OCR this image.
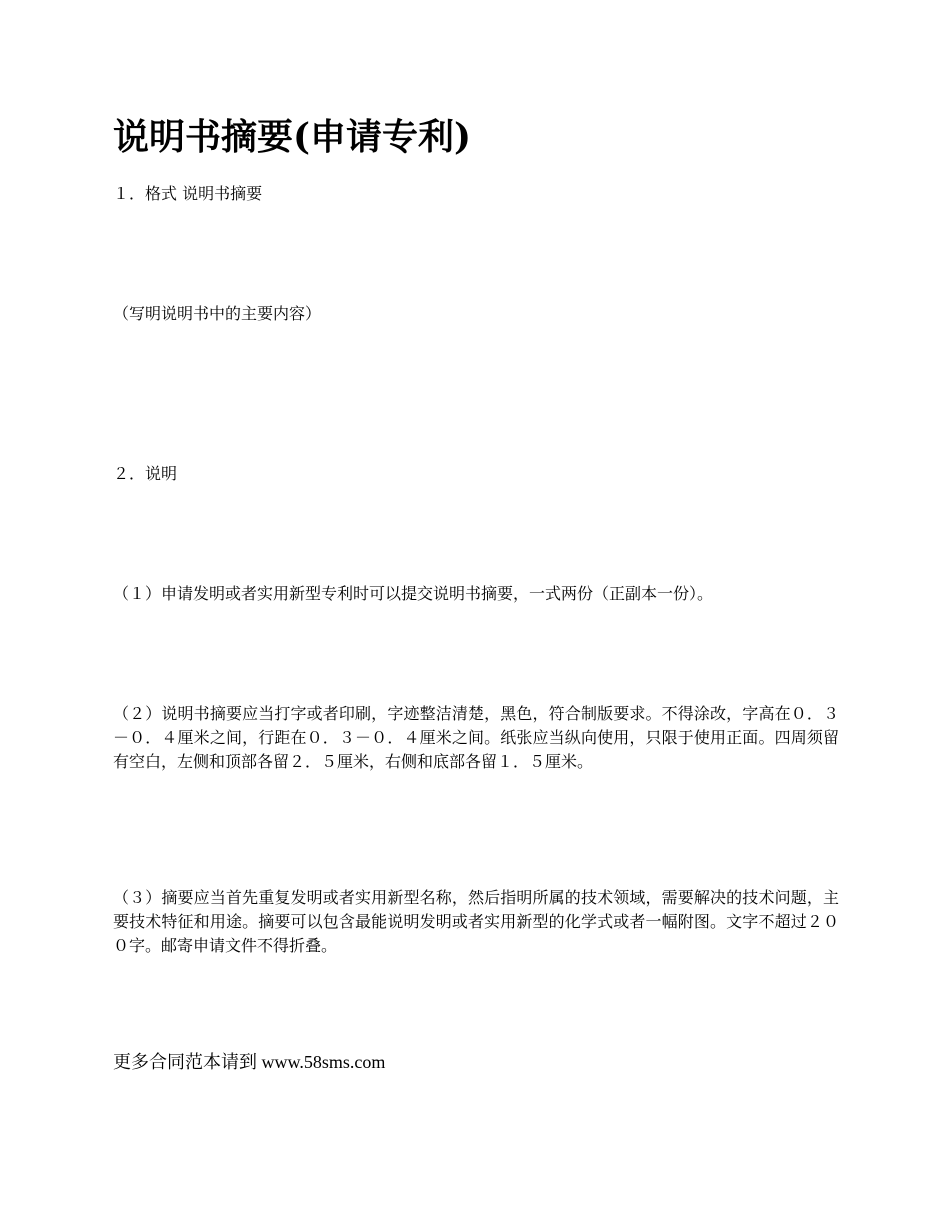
说明书摘要(申请专利)

１．格式 说明书摘要

（写明说明书中的主要内容）

２．说明

（１）申请发明或者实用新型专利时可以提交说明书摘要，一式两份（正副本一份）。

（２）说明书摘要应当打字或者印刷，字迹整洁清楚，黑色，符合制版要求。不得涂改，字高在０．３－０．４厘米之间，行距在０．３－０．４厘米之间。纸张应当纵向使用，只限于使用正面。四周须留有空白，左侧和顶部各留２．５厘米，右侧和底部各留１．５厘米。

（３）摘要应当首先重复发明或者实用新型名称，然后指明所属的技术领域，需要解决的技术问题，主要技术特征和用途。摘要可以包含最能说明发明或者实用新型的化学式或者一幅附图。文字不超过２００字。邮寄申请文件不得折叠。

更多合同范本请到 www.58sms.com
